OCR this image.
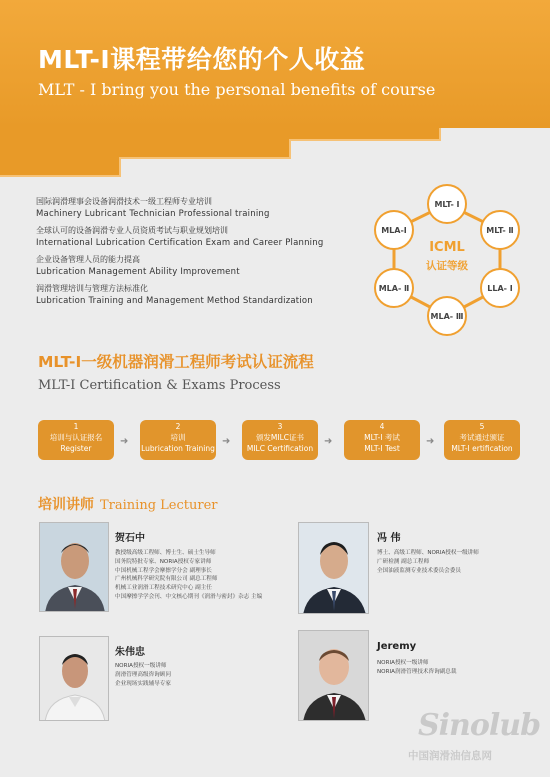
MLT-I课程带给您的个人收益
MLT - I bring you the personal benefits of course
国际润滑理事会设备润滑技术一级工程师专业培训
Machinery Lubricant Technician Professional training
全球认可的设备润滑专业人员资质考试与职业规划培训
International Lubrication Certification Exam and Career Planning
企业设备管理人员的能力提高
Lubrication Management Ability Improvement
润滑管理培训与管理方法标准化
Lubrication Training and Management Method Standardization
MLT- Ⅰ
MLT- Ⅱ
LLA- Ⅰ
MLA- Ⅲ
MLA- Ⅱ
MLA-Ⅰ
ICML
认证等级
MLT-I一级机器润滑工程师考试认证流程
MLT-I Certification & Exams Process
1
培训与认证报名
Register
➜
2
培训
Lubrication Training
➜
3
颁发MILC证书
MILC Certification
➜
4
MLT-I 考试
MLT-I Test
➜
5
考试通过颁证
MLT-I ertification
培训讲师 Training Lecturer
贺石中
教授级高级工程师、博士生、硕士生导师
国务院特批专家、NORIA授权专家讲师
中国机械工程学会摩擦学分会 副理事长
广州机械科学研究院有限公司 副总工程师
机械工业润滑工程技术研究中心 副主任
中国摩擦学学会刊、中文核心期刊《润滑与密封》杂志 主编
冯 伟
博士、高级工程师、NORIA授权一级讲师
广研检测 副总工程师
全国油液监测专业技术委员会委员
朱伟忠
NORIA授权一级讲师
润滑管理高级咨询顾问
企业现场实践辅导专家
Jeremy
NORIA授权一级讲师
NORIA润滑管理技术咨询副总裁
Sinolub
中国润滑油信息网
